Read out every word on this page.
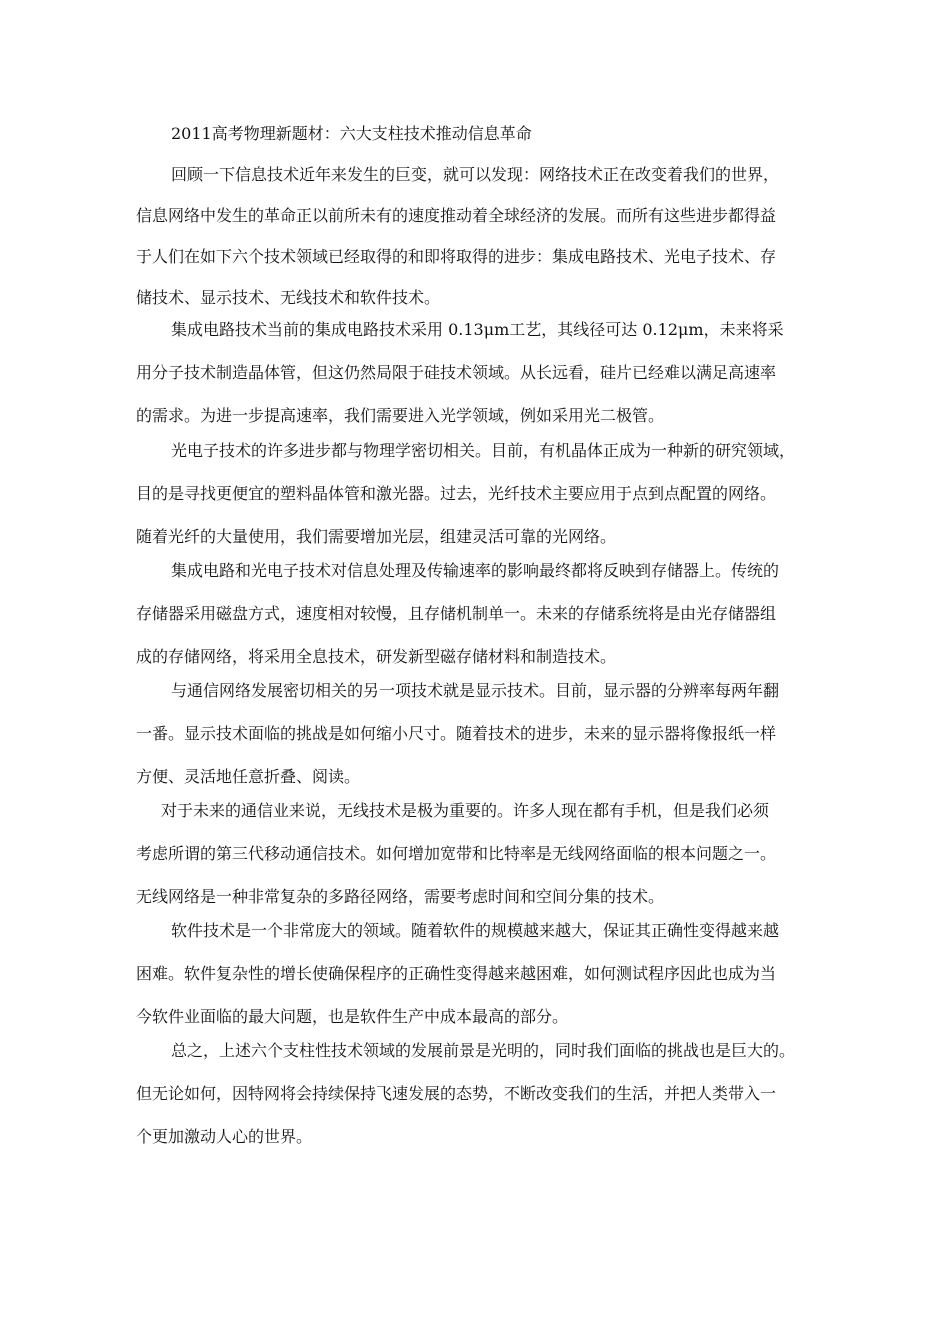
2011高考物理新题材：六大支柱技术推动信息革命
回顾一下信息技术近年来发生的巨变，就可以发现：网络技术正在改变着我们的世界，
信息网络中发生的革命正以前所未有的速度推动着全球经济的发展。而所有这些进步都得益
于人们在如下六个技术领域已经取得的和即将取得的进步：集成电路技术、光电子技术、存
储技术、显示技术、无线技术和软件技术。
集成电路技术当前的集成电路技术采用 0.13μm工艺，其线径可达 0.12μm，未来将采
用分子技术制造晶体管，但这仍然局限于硅技术领域。从长远看，硅片已经难以满足高速率
的需求。为进一步提高速率，我们需要进入光学领域，例如采用光二极管。
光电子技术的许多进步都与物理学密切相关。目前，有机晶体正成为一种新的研究领域，
目的是寻找更便宜的塑料晶体管和激光器。过去，光纤技术主要应用于点到点配置的网络。
随着光纤的大量使用，我们需要增加光层，组建灵活可靠的光网络。
集成电路和光电子技术对信息处理及传输速率的影响最终都将反映到存储器上。传统的
存储器采用磁盘方式，速度相对较慢，且存储机制单一。未来的存储系统将是由光存储器组
成的存储网络，将采用全息技术，研发新型磁存储材料和制造技术。
与通信网络发展密切相关的另一项技术就是显示技术。目前，显示器的分辨率每两年翻
一番。显示技术面临的挑战是如何缩小尺寸。随着技术的进步，未来的显示器将像报纸一样
方便、灵活地任意折叠、阅读。
对于未来的通信业来说，无线技术是极为重要的。许多人现在都有手机，但是我们必须
考虑所谓的第三代移动通信技术。如何增加宽带和比特率是无线网络面临的根本问题之一。
无线网络是一种非常复杂的多路径网络，需要考虑时间和空间分集的技术。
软件技术是一个非常庞大的领域。随着软件的规模越来越大，保证其正确性变得越来越
困难。软件复杂性的增长使确保程序的正确性变得越来越困难，如何测试程序因此也成为当
今软件业面临的最大问题，也是软件生产中成本最高的部分。
总之，上述六个支柱性技术领域的发展前景是光明的，同时我们面临的挑战也是巨大的。
但无论如何，因特网将会持续保持飞速发展的态势，不断改变我们的生活，并把人类带入一
个更加激动人心的世界。
